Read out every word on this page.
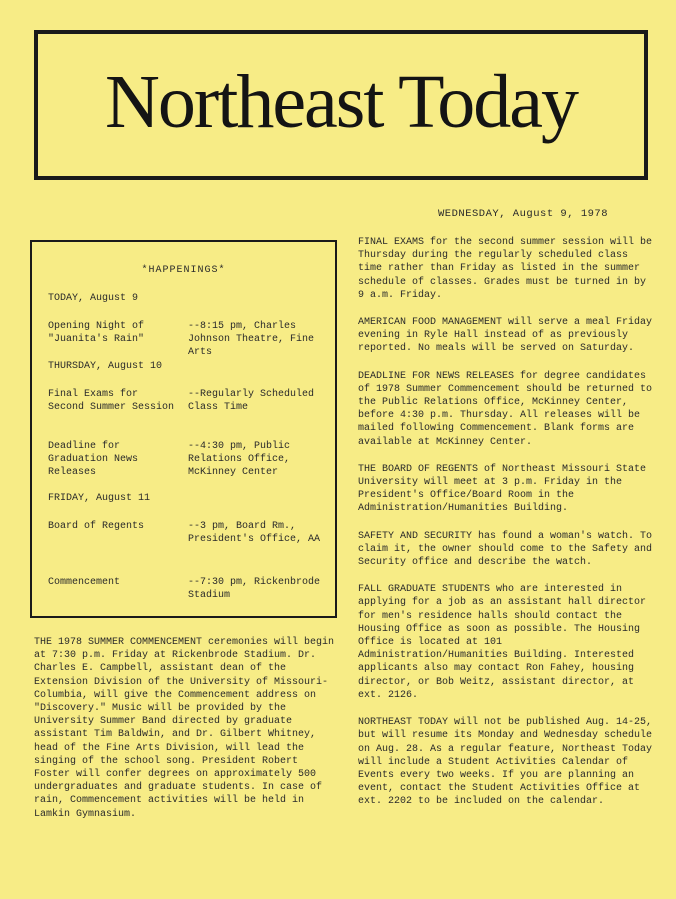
Northeast Today
WEDNESDAY, August 9, 1978
*HAPPENINGS*
TODAY, August 9
Opening Night of "Juanita's Rain"
--8:15 pm, Charles Johnson Theatre, Fine Arts
THURSDAY, August 10
Final Exams for Second Summer Session
--Regularly Scheduled Class Time
Deadline for Graduation News Releases
--4:30 pm, Public Relations Office, McKinney Center
FRIDAY, August 11
Board of Regents	--3 pm, Board Rm., President's Office, AA
Commencement	--7:30 pm, Rickenbrode Stadium

THE 1978 SUMMER COMMENCEMENT ceremonies will begin at 7:30 p.m. Friday at Rickenbrode Stadium. Dr. Charles E. Campbell, assistant dean of the Extension Division of the University of Missouri-Columbia, will give the Commencement address on "Discovery." Music will be provided by the University Summer Band directed by graduate assistant Tim Baldwin, and Dr. Gilbert Whitney, head of the Fine Arts Division, will lead the singing of the school song. President Robert Foster will confer degrees on approximately 500 undergraduates and graduate students. In case of rain, Commencement activities will be held in Lamkin Gymnasium.

FINAL EXAMS for the second summer session will be Thursday during the regularly scheduled class time rather than Friday as listed in the summer schedule of classes. Grades must be turned in by 9 a.m. Friday.

AMERICAN FOOD MANAGEMENT will serve a meal Friday evening in Ryle Hall instead of as previously reported. No meals will be served on Saturday.

DEADLINE FOR NEWS RELEASES for degree candidates of 1978 Summer Commencement should be returned to the Public Relations Office, McKinney Center, before 4:30 p.m. Thursday. All releases will be mailed following Commencement. Blank forms are available at McKinney Center.

THE BOARD OF REGENTS of Northeast Missouri State University will meet at 3 p.m. Friday in the President's Office/Board Room in the Administration/Humanities Building.

SAFETY AND SECURITY has found a woman's watch. To claim it, the owner should come to the Safety and Security office and describe the watch.

FALL GRADUATE STUDENTS who are interested in applying for a job as an assistant hall director for men's residence halls should contact the Housing Office as soon as possible. The Housing Office is located at 101 Administration/Humanities Building. Interested applicants also may contact Ron Fahey, housing director, or Bob Weitz, assistant director, at ext. 2126.

NORTHEAST TODAY will not be published Aug. 14-25, but will resume its Monday and Wednesday schedule on Aug. 28. As a regular feature, Northeast Today will include a Student Activities Calendar of Events every two weeks. If you are planning an event, contact the Student Activities Office at ext. 2202 to be included on the calendar.
